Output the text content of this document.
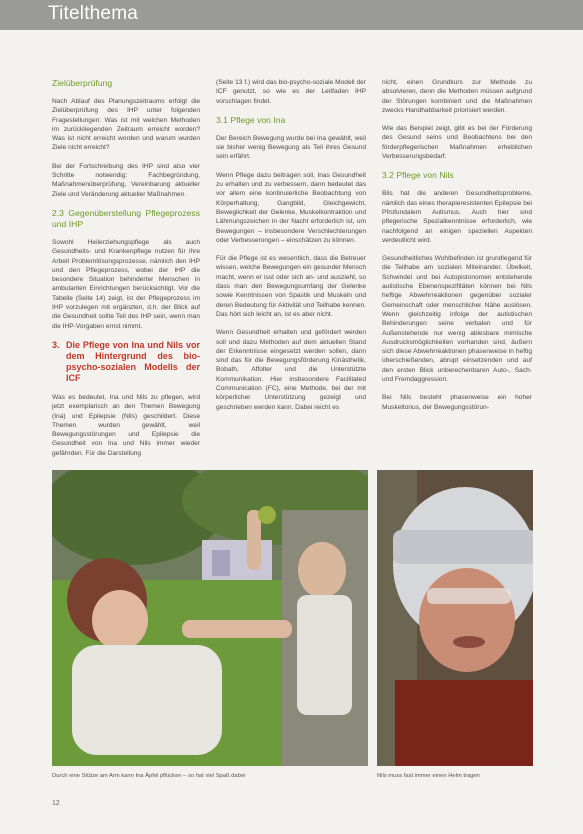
Titelthema
Zielüberprüfung

Nach Ablauf des Planungszeitraums erfolgt die Zielüberprüfung des IHP unter folgenden Fragestellungen: Was ist mit welchen Methoden im zurückliegenden Zeitraum erreicht worden? Was ist nicht erreicht worden und warum wurden Ziele nicht erreicht?

Bei der Fortschreibung des IHP sind also vier Schritte notwendig: Fachbegründung, Maßnahmenüberprüfung, Vereinbarung aktueller Ziele und Veränderung aktueller Maßnahmen.

2.3 Gegenüberstellung Pflegeprozess und IHP

Sowohl Heilerziehungspflege als auch Gesundheits- und Krankenpflege nutzen für ihre Arbeit Problemlösungsprozesse, nämlich den IHP und den Pflegeprozess, wobei der IHP die besondere Situation behinderter Menschen in ambulanten Einrichtungen berücksichtigt. Vor die Tabelle (Seite 14) zeigt, ist der Pflegeprozess im IHP vorzulegen mit ergänzten, d.h. der Blick auf die Gesundheit sollte Teil des IHP sein, wenn man die IHP-Vorgaben ernst nimmt.

3. Die Pflege von Ina und Nils vor dem Hintergrund des bio-psycho-sozialen Modells der ICF

Was es bedeutet, Ina und Nils zu pflegen, wird jetzt exemplarisch an den Themen Bewegung (Ina) und Epilepsie (Nils) geschildert. Diese Themen wurden gewählt, weil Bewegungsstörungen und Epilepsie die Gesundheit von Ina und Nils immer wieder gefährden. Für die Darstellung

(Seite 13 f.) wird das bio-psycho-soziale Modell der ICF genutzt, so wie es der Leitfaden IHP vorschlagen findet.

3.1 Pflege von Ina

Der Bereich Bewegung wurde bei Ina gewählt, weil sie bisher wenig Bewegung als Teil ihres Gesund sein erfährt.

Wenn Pflege dazu beitragen soll, Inas Gesundheit zu erhalten und zu verbessern, dann bedeutet das vor allem eine kontinuierliche Beobachtung von Körperhaltung, Gangbild, Gleichgewicht, Beweglichkeit der Gelenke, Muskelkontraktion und Lähmungszeichen in der Nacht erforderlich ist, um Bewegungen – insbesondere Verschlechterungen oder Verbesserungen – einschätzen zu können.

Für die Pflege ist es wesentlich, dass die Betreuer wissen, welche Bewegungen ein gesunder Mensch macht, wenn er isst oder sich an- und auszieht, so dass man den Bewegungsumfang der Gelenke sowie Kenntnissen von Spastik und Muskeln und deren Bedeutung für Aktivität und Teilhabe kennen. Das hört sich leicht an, ist es aber nicht.

Wenn Gesundheit erhalten und gefördert werden soll und dazu Methoden auf dem aktuellen Stand der Erkenntnisse eingesetzt werden sollen, dann sind das für die Bewegungsförderung Kinästhetik, Bobath, Affolter und die Unterstützte Kommunikation. Hier insbesondere Facilitated Communication (FC), eine Methode, bei der mit körperlicher Unterstützung gezeigt und geschrieben werden kann. Dabei reicht es

nicht, einen Grundkurs zur Methode zu absolvieren, denn die Methoden müssen aufgrund der Störungen kombiniert und die Maßnahmen zwecks Handhabbarkeit priorisiert werden.

Wie das Beispiel zeigt, gibt es bei der Förderung des Gesund seins und Beobachtens bei den förderpflegerischen Maßnahmen erheblichen Verbesserungsbedarf.

3.2 Pflege von Nils

Bils hat die anderen Gesundheitsprobleme, nämlich das eines therapieresistenten Epilepsie bei Pfrofundalem Autismus. Auch hier sind pflegerische Spezialkenntnisse erforderlich, wie nachfolgend an einigen speziellen Aspekten verdeutlicht wird.

Gesundheitliches Wohlbefinden ist grundlegend für die Teilhabe am sozialen Miteinander. Übelkeit, Schwindel und bei Autopistonomen entstehende autistische Ebenenspezifitäten können bei Nils heftige Abwehrreaktionen gegenüber sozialer Gemeinschaft oder menschlicher Nähe auslösen. Wenn gleichzeitig infolge der autistischen Behinderungen seine verbalen und für Außenstehende nur wenig ablesbare mimische Ausdrucksmöglichkeiten vorhanden sind, äußern sich diese Abwehrreaktionen phasenweise in heftig überschießenden, abrupt einsetzenden und auf den ersten Blick unberechenbaren Auto-, Sach- und Fremdaggression.

Bei Nils besteht phasenweise ein hoher Muskeltonus, der Bewegungsstörun-

Durch eine Stütze am Arm kann Ina Äpfel pflücken – so hat viel Spaß dabei	Nils muss fast immer einen Helm tragen
12
